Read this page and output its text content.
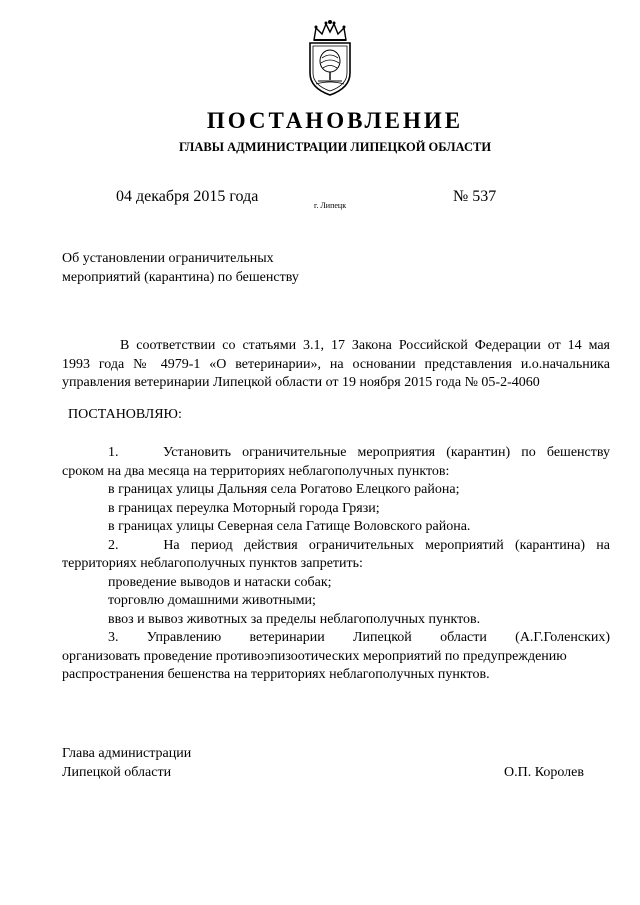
ПОСТАНОВЛЕНИЕ
ГЛАВЫ АДМИНИСТРАЦИИ ЛИПЕЦКОЙ ОБЛАСТИ
04 декабря 2015 года
г. Липецк
№ 537
Об установлении ограничительных
мероприятий (карантина) по бешенству
В соответствии со статьями 3.1, 17 Закона Российской Федерации от 14 мая
1993 года № 4979-1 «О ветеринарии», на основании представления и.о.начальника
управления ветеринарии Липецкой области от 19 ноября 2015 года № 05-2-4060
ПОСТАНОВЛЯЮ:
1.	Установить ограничительные мероприятия (карантин) по бешенству
сроком на два месяца на территориях неблагополучных пунктов:
в границах улицы Дальняя села Рогатово Елецкого района;
в границах переулка Моторный города Грязи;
в границах улицы Северная села Гатище Воловского района.
2.	На период действия ограничительных мероприятий (карантина) на
территориях неблагополучных пунктов запретить:
проведение выводов и натаски собак;
торговлю домашними животными;
ввоз и вывоз животных за пределы неблагополучных пунктов.
3. Управлению ветеринарии Липецкой области (А.Г.Голенских)
организовать проведение противоэпизоотических мероприятий по предупреждению
распространения бешенства на территориях неблагополучных пунктов.
Глава администрации
Липецкой области	О.П. Королев
